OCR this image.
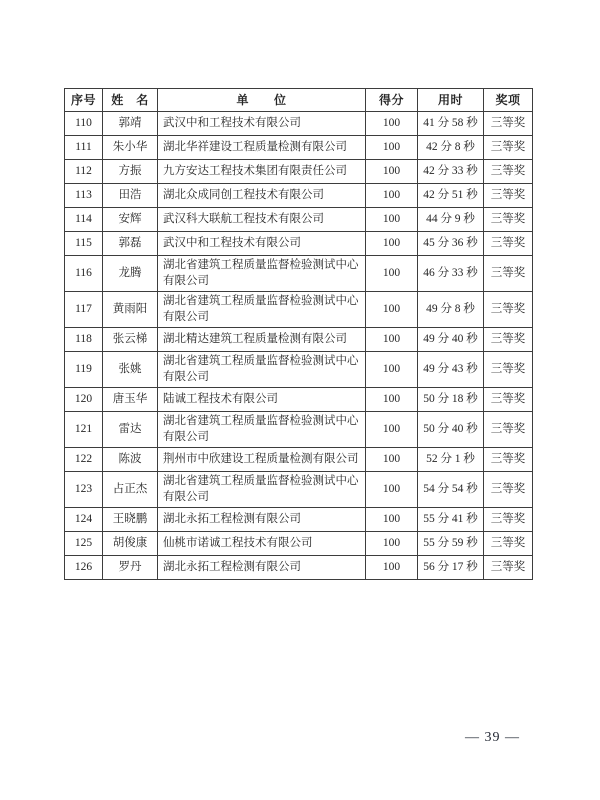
序号	姓　名	单　　位	得分	用时	奖项
110	郭靖	武汉中和工程技术有限公司	100	41 分 58 秒	三等奖
111	朱小华	湖北华祥建设工程质量检测有限公司	100	42 分 8 秒	三等奖
112	方振	九方安达工程技术集团有限责任公司	100	42 分 33 秒	三等奖
113	田浩	湖北众成同创工程技术有限公司	100	42 分 51 秒	三等奖
114	安辉	武汉科大联航工程技术有限公司	100	44 分 9 秒	三等奖
115	郭磊	武汉中和工程技术有限公司	100	45 分 36 秒	三等奖
116	龙腾	湖北省建筑工程质量监督检验测试中心有限公司	100	46 分 33 秒	三等奖
117	黄雨阳	湖北省建筑工程质量监督检验测试中心有限公司	100	49 分 8 秒	三等奖
118	张云梯	湖北精达建筑工程质量检测有限公司	100	49 分 40 秒	三等奖
119	张姚	湖北省建筑工程质量监督检验测试中心有限公司	100	49 分 43 秒	三等奖
120	唐玉华	陆诚工程技术有限公司	100	50 分 18 秒	三等奖
121	雷达	湖北省建筑工程质量监督检验测试中心有限公司	100	50 分 40 秒	三等奖
122	陈波	荆州市中欣建设工程质量检测有限公司	100	52 分 1 秒	三等奖
123	占正杰	湖北省建筑工程质量监督检验测试中心有限公司	100	54 分 54 秒	三等奖
124	王晓鹏	湖北永拓工程检测有限公司	100	55 分 41 秒	三等奖
125	胡俊康	仙桃市诺诚工程技术有限公司	100	55 分 59 秒	三等奖
126	罗丹	湖北永拓工程检测有限公司	100	56 分 17 秒	三等奖
— 39 —
